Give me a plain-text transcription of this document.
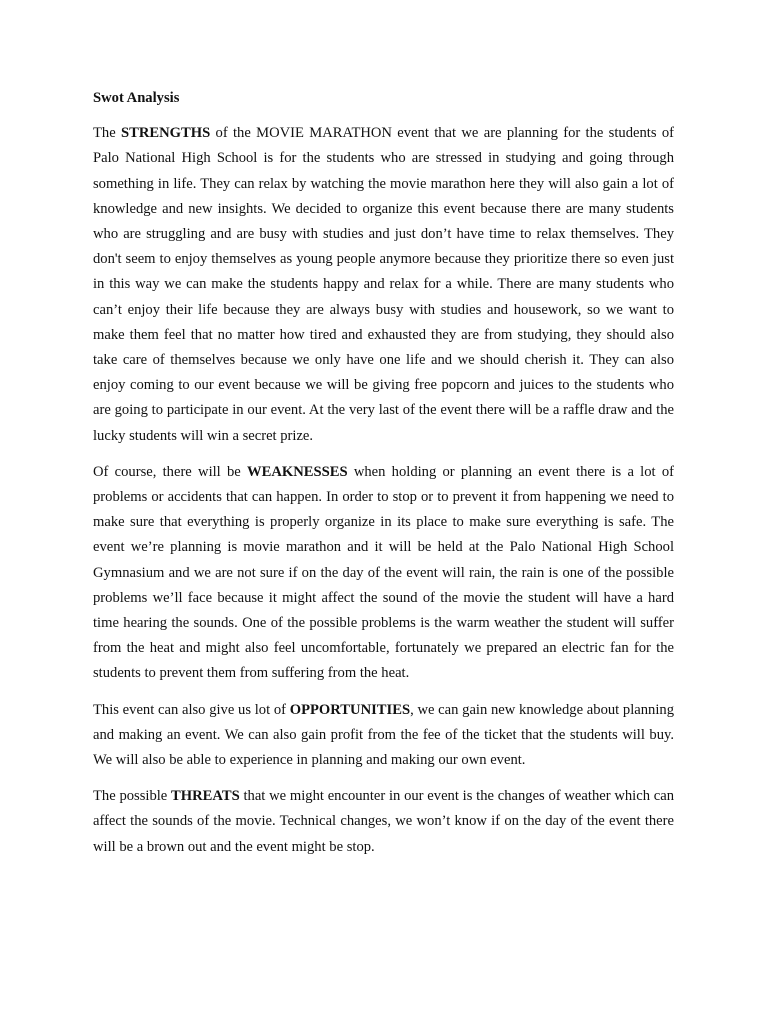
Swot Analysis

The STRENGTHS of the MOVIE MARATHON event that we are planning for the students of Palo National High School is for the students who are stressed in studying and going through something in life. They can relax by watching the movie marathon here they will also gain a lot of knowledge and new insights. We decided to organize this event because there are many students who are struggling and are busy with studies and just don’t have time to relax themselves. They don't seem to enjoy themselves as young people anymore because they prioritize there so even just in this way we can make the students happy and relax for a while. There are many students who can’t enjoy their life because they are always busy with studies and housework, so we want to make them feel that no matter how tired and exhausted they are from studying, they should also take care of themselves because we only have one life and we should cherish it. They can also enjoy coming to our event because we will be giving free popcorn and juices to the students who are going to participate in our event. At the very last of the event there will be a raffle draw and the lucky students will win a secret prize.

Of course, there will be WEAKNESSES when holding or planning an event there is a lot of problems or accidents that can happen. In order to stop or to prevent it from happening we need to make sure that everything is properly organize in its place to make sure everything is safe. The event we’re planning is movie marathon and it will be held at the Palo National High School Gymnasium and we are not sure if on the day of the event will rain, the rain is one of the possible problems we’ll face because it might affect the sound of the movie the student will have a hard time hearing the sounds. One of the possible problems is the warm weather the student will suffer from the heat and might also feel uncomfortable, fortunately we prepared an electric fan for the students to prevent them from suffering from the heat.

This event can also give us lot of OPPORTUNITIES, we can gain new knowledge about planning and making an event. We can also gain profit from the fee of the ticket that the students will buy. We will also be able to experience in planning and making our own event.

The possible THREATS that we might encounter in our event is the changes of weather which can affect the sounds of the movie. Technical changes, we won’t know if on the day of the event there will be a brown out and the event might be stop.
